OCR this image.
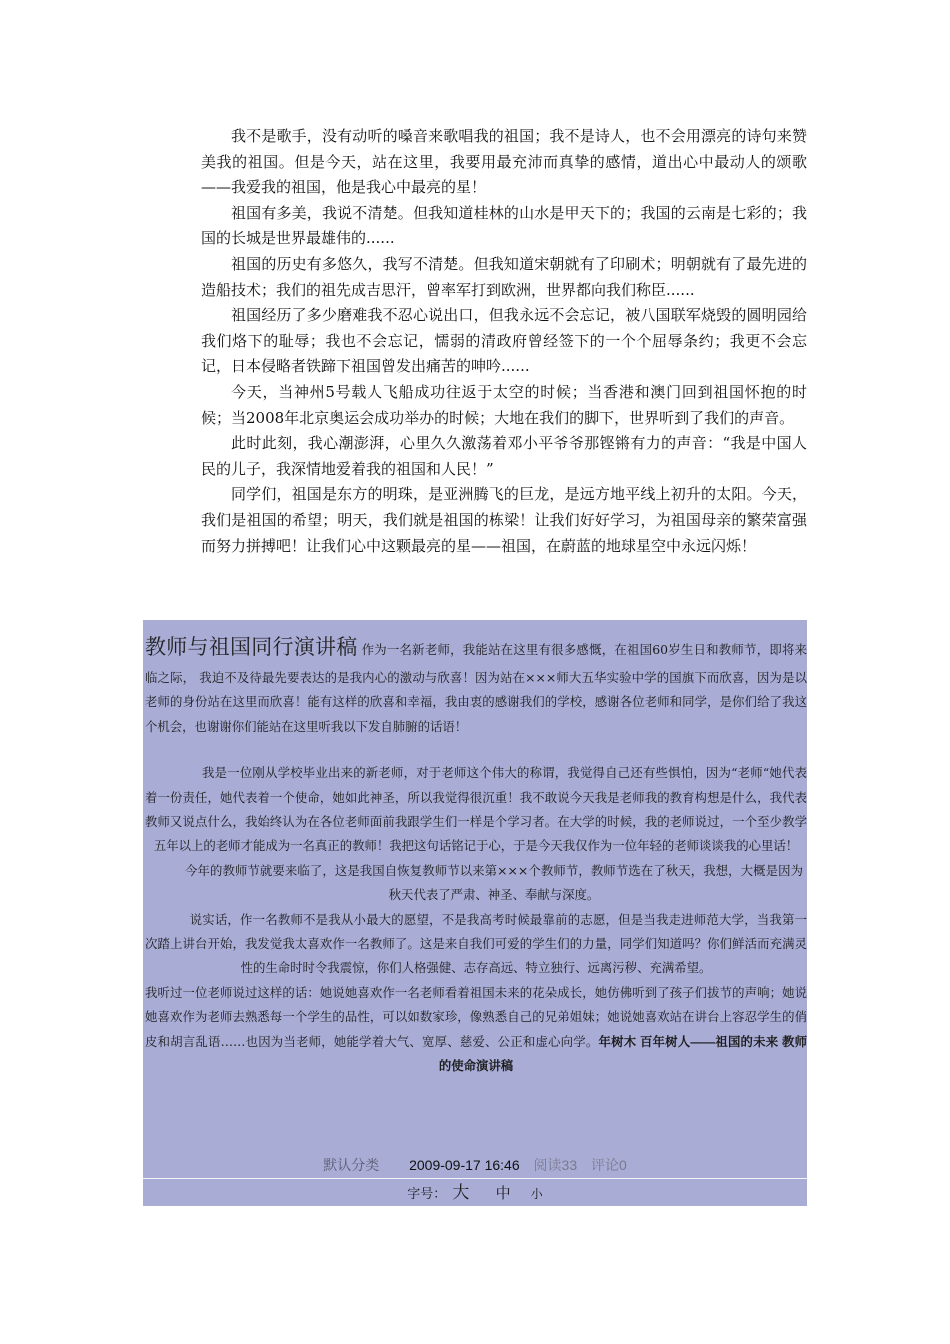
我不是歌手，没有动听的嗓音来歌唱我的祖国；我不是诗人，也不会用漂亮的诗句来赞美我的祖国。但是今天，站在这里，我要用最充沛而真挚的感情，道出心中最动人的颂歌——我爱我的祖国，他是我心中最亮的星！

祖国有多美，我说不清楚。但我知道桂林的山水是甲天下的；我国的云南是七彩的；我国的长城是世界最雄伟的......

祖国的历史有多悠久，我写不清楚。但我知道宋朝就有了印刷术；明朝就有了最先进的造船技术；我们的祖先成吉思汗，曾率军打到欧洲，世界都向我们称臣......

祖国经历了多少磨难我不忍心说出口，但我永远不会忘记，被八国联军烧毁的圆明园给我们烙下的耻辱；我也不会忘记，懦弱的清政府曾经签下的一个个屈辱条约；我更不会忘记，日本侵略者铁蹄下祖国曾发出痛苦的呻吟......

今天，当神州5号载人飞船成功往返于太空的时候；当香港和澳门回到祖国怀抱的时候；当2008年北京奥运会成功举办的时候；大地在我们的脚下，世界听到了我们的声音。

此时此刻，我心潮澎湃，心里久久激荡着邓小平爷爷那铿锵有力的声音：“我是中国人民的儿子，我深情地爱着我的祖国和人民！”

同学们，祖国是东方的明珠，是亚洲腾飞的巨龙，是远方地平线上初升的太阳。今天，我们是祖国的希望；明天，我们就是祖国的栋梁！让我们好好学习，为祖国母亲的繁荣富强而努力拼搏吧！让我们心中这颗最亮的星——祖国，在蔚蓝的地球星空中永远闪烁！

教师与祖国同行演讲稿 作为一名新老师，我能站在这里有很多感慨，在祖国60岁生日和教师节，即将来临之际， 我迫不及待最先要表达的是我内心的激动与欣喜！因为站在×××师大五华实验中学的国旗下而欣喜，因为是以老师的身份站在这里而欣喜！能有这样的欣喜和幸福，我由衷的感谢我们的学校，感谢各位老师和同学，是你们给了我这个机会，也谢谢你们能站在这里听我以下发自肺腑的话语！

我是一位刚从学校毕业出来的新老师，对于老师这个伟大的称谓，我觉得自己还有些惧怕，因为“老师“她代表着一份责任，她代表着一个使命，她如此神圣，所以我觉得很沉重！我不敢说今天我是老师我的教育构想是什么，我代表教师又说点什么，我始终认为在各位老师面前我跟学生们一样是个学习者。在大学的时候，我的老师说过，一个至少教学五年以上的老师才能成为一名真正的教师！我把这句话铭记于心，于是今天我仅作为一位年轻的老师谈谈我的心里话！

今年的教师节就要来临了，这是我国自恢复教师节以来第×××个教师节，教师节选在了秋天，我想，大概是因为秋天代表了严肃、神圣、奉献与深度。

说实话，作一名教师不是我从小最大的愿望，不是我高考时候最靠前的志愿，但是当我走进师范大学，当我第一次踏上讲台开始，我发觉我太喜欢作一名教师了。这是来自我们可爱的学生们的力量，同学们知道吗？你们鲜活而充满灵性的生命时时令我震惊，你们人格强健、志存高远、特立独行、远离污秽、充满希望。

我听过一位老师说过这样的话：她说她喜欢作一名老师看着祖国未来的花朵成长，她仿佛听到了孩子们拔节的声响；她说她喜欢作为老师去熟悉每一个学生的品性，可以如数家珍，像熟悉自己的兄弟姐妹；她说她喜欢站在讲台上容忍学生的俏皮和胡言乱语……也因为当老师，她能学着大气、宽厚、慈爱、公正和虚心向学。年树木 百年树人——祖国的未来 教师的使命演讲稿

默认分类 2009-09-17 16:46 阅读33 评论0
字号： 大 中 小
